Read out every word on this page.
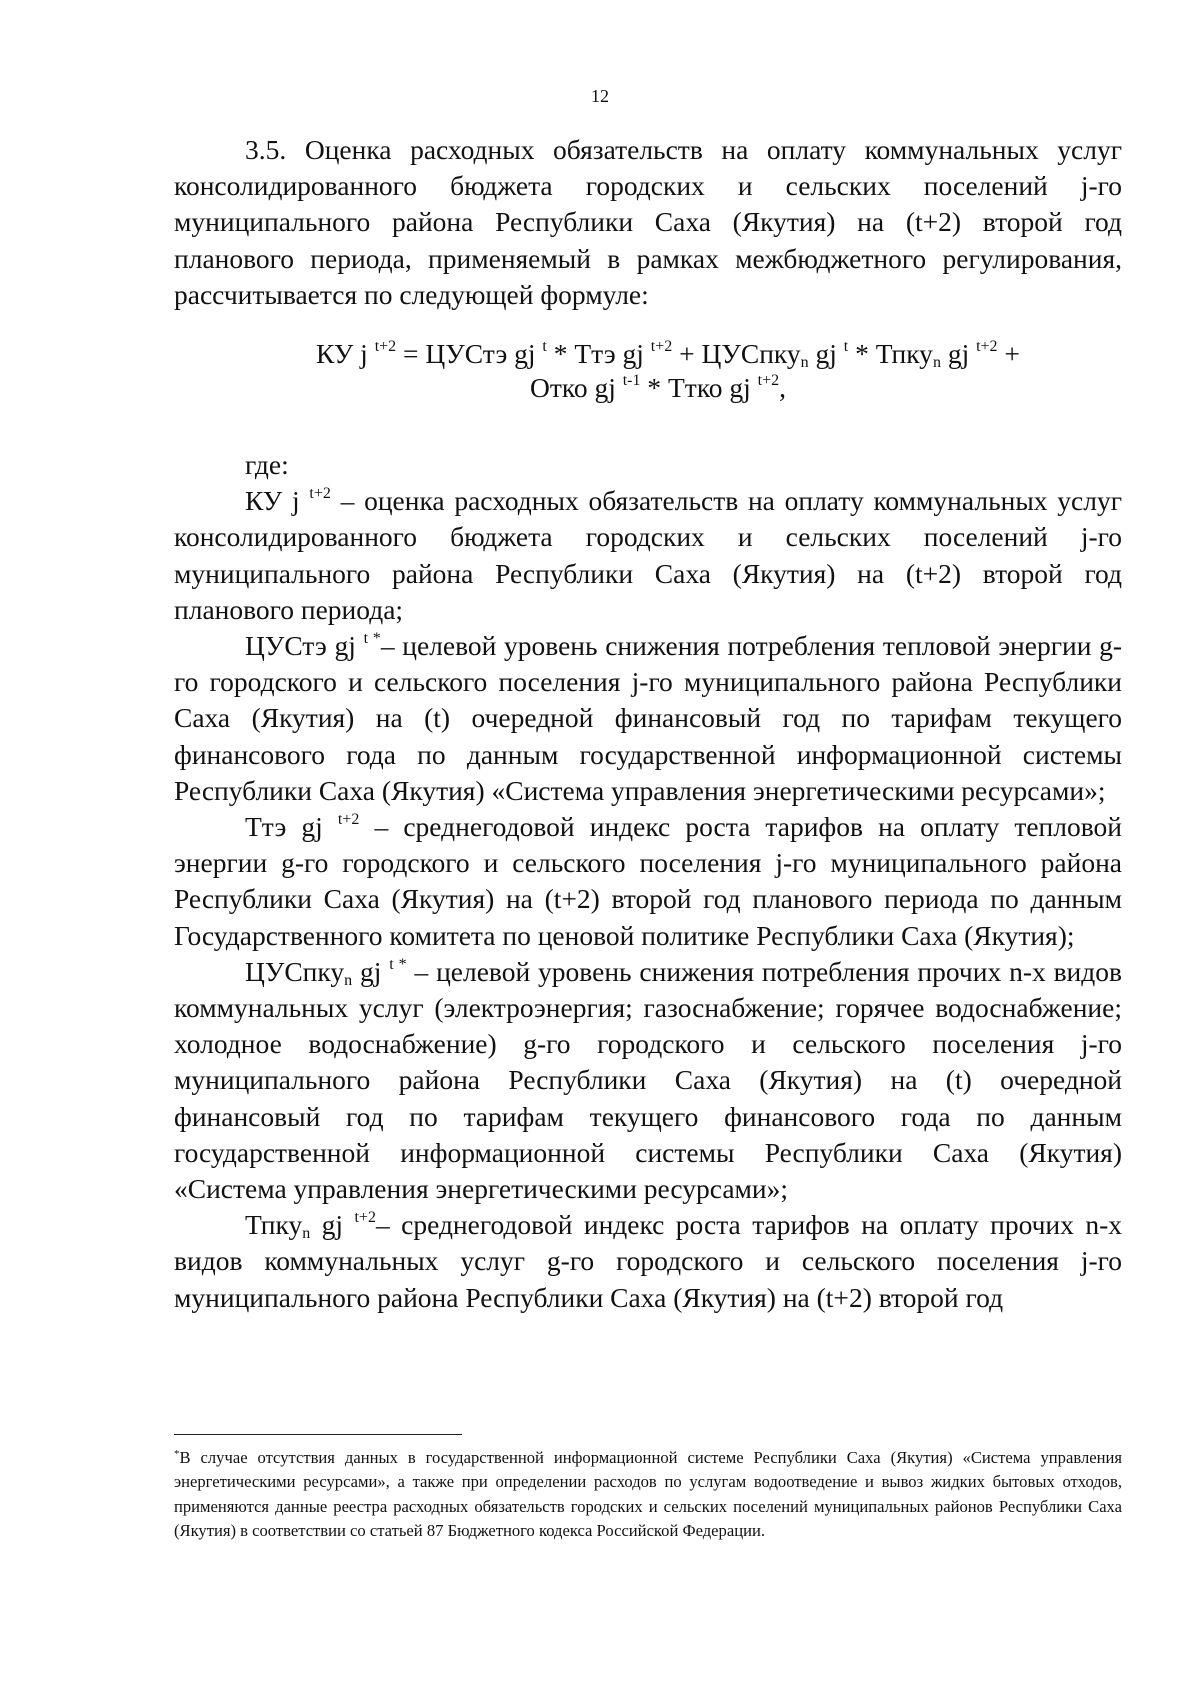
12

3.5. Оценка расходных обязательств на оплату коммунальных услуг консолидированного бюджета городских и сельских поселений j-го муниципального района Республики Саха (Якутия) на (t+2) второй год планового периода, применяемый в рамках межбюджетного регулирования, рассчитывается по следующей формуле:

КУ j $^{t+2}$ = ЦУСтэ gj $^t$ * Ттэ gj $^{t+2}$ + ЦУСпку$_n$ gj $^t$ * Тпку$_n$ gj $^{t+2}$ +
Отко gj $^{t-1}$ * Ттко gj $^{t+2}$,

где:

КУ j $^{t+2}$ – оценка расходных обязательств на оплату коммунальных услуг консолидированного бюджета городских и сельских поселений j-го муниципального района Республики Саха (Якутия) на (t+2) второй год планового периода;

ЦУСтэ gj $^{t *}$– целевой уровень снижения потребления тепловой энергии g-го городского и сельского поселения j-го муниципального района Республики Саха (Якутия) на (t) очередной финансовый год по тарифам текущего финансового года по данным государственной информационной системы Республики Саха (Якутия) «Система управления энергетическими ресурсами»;

Ттэ gj $^{t+2}$ – среднегодовой индекс роста тарифов на оплату тепловой энергии g-го городского и сельского поселения j-го муниципального района Республики Саха (Якутия) на (t+2) второй год планового периода по данным Государственного комитета по ценовой политике Республики Саха (Якутия);

ЦУСпку$_n$ gj $^{t *}$ – целевой уровень снижения потребления прочих n-х видов коммунальных услуг (электроэнергия; газоснабжение; горячее водоснабжение; холодное водоснабжение) g-го городского и сельского поселения j-го муниципального района Республики Саха (Якутия) на (t) очередной финансовый год по тарифам текущего финансового года по данным государственной информационной системы Республики Саха (Якутия) «Система управления энергетическими ресурсами»;

Тпку$_n$ gj $^{t+2}$– среднегодовой индекс роста тарифов на оплату прочих n-х видов коммунальных услуг g-го городского и сельского поселения j-го муниципального района Республики Саха (Якутия) на (t+2) второй год

*В случае отсутствия данных в государственной информационной системе Республики Саха (Якутия) «Система управления энергетическими ресурсами», а также при определении расходов по услугам водоотведение и вывоз жидких бытовых отходов, применяются данные реестра расходных обязательств городских и сельских поселений муниципальных районов Республики Саха (Якутия) в соответствии со статьей 87 Бюджетного кодекса Российской Федерации.
